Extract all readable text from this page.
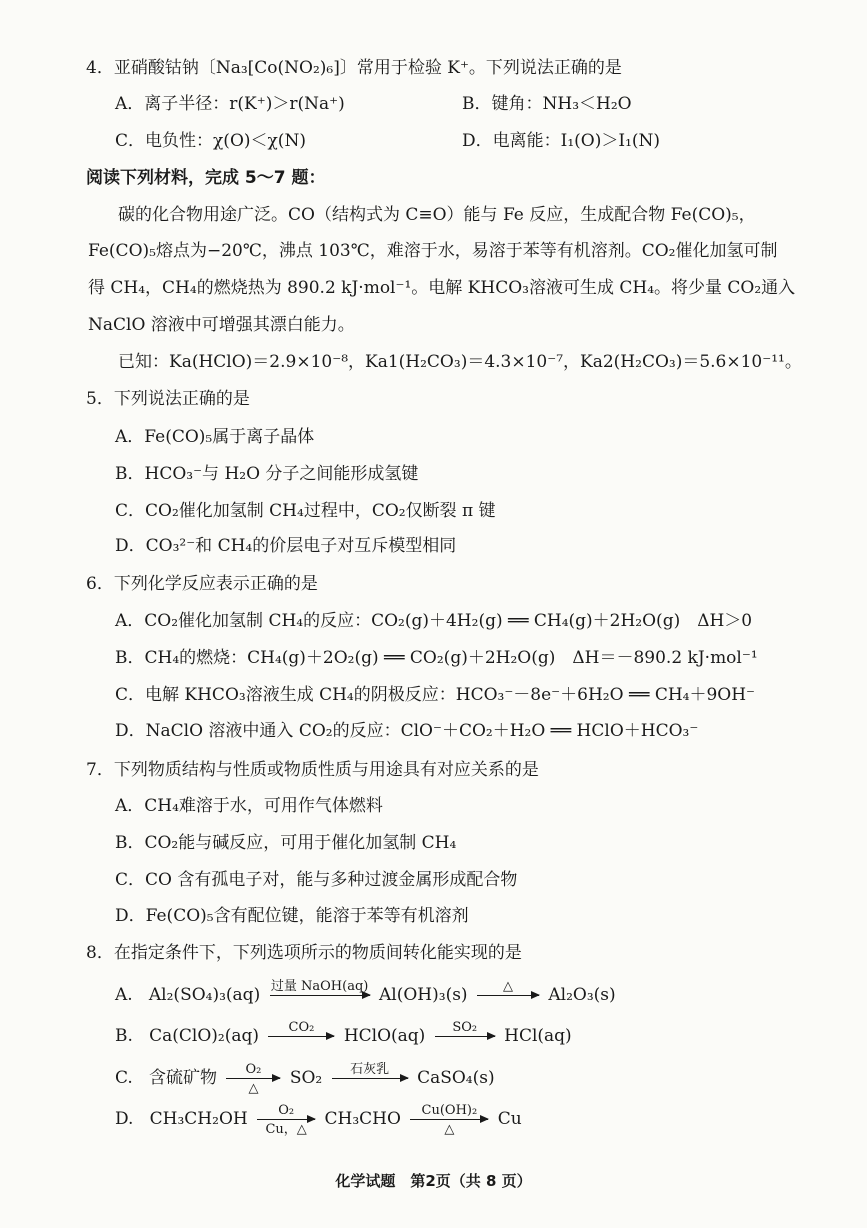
4．亚硝酸钴钠〔Na₃[Co(NO₂)₆]〕常用于检验 K⁺。下列说法正确的是
A．离子半径：r(K⁺)＞r(Na⁺)	B．键角：NH₃＜H₂O
C．电负性：χ(O)＜χ(N)	D．电离能：I₁(O)＞I₁(N)
阅读下列材料，完成 5～7 题：
碳的化合物用途广泛。CO（结构式为 C≡O）能与 Fe 反应，生成配合物 Fe(CO)₅，
Fe(CO)₅熔点为−20℃，沸点 103℃，难溶于水，易溶于苯等有机溶剂。CO₂催化加氢可制
得 CH₄，CH₄的燃烧热为 890.2 kJ·mol⁻¹。电解 KHCO₃溶液可生成 CH₄。将少量 CO₂通入
NaClO 溶液中可增强其漂白能力。
已知：Ka(HClO)＝2.9×10⁻⁸，Ka1(H₂CO₃)＝4.3×10⁻⁷，Ka2(H₂CO₃)＝5.6×10⁻¹¹。
5．下列说法正确的是
A．Fe(CO)₅属于离子晶体
B．HCO₃⁻与 H₂O 分子之间能形成氢键
C．CO₂催化加氢制 CH₄过程中，CO₂仅断裂 π 键
D．CO₃²⁻和 CH₄的价层电子对互斥模型相同
6．下列化学反应表示正确的是
A．CO₂催化加氢制 CH₄的反应：CO₂(g)＋4H₂(g) ══ CH₄(g)＋2H₂O(g)　ΔH＞0
B．CH₄的燃烧：CH₄(g)＋2O₂(g) ══ CO₂(g)＋2H₂O(g)　ΔH＝－890.2 kJ·mol⁻¹
C．电解 KHCO₃溶液生成 CH₄的阴极反应：HCO₃⁻－8e⁻＋6H₂O ══ CH₄＋9OH⁻
D．NaClO 溶液中通入 CO₂的反应：ClO⁻＋CO₂＋H₂O ══ HClO＋HCO₃⁻
7．下列物质结构与性质或物质性质与用途具有对应关系的是
A．CH₄难溶于水，可用作气体燃料
B．CO₂能与碱反应，可用于催化加氢制 CH₄
C．CO 含有孤电子对，能与多种过渡金属形成配合物
D．Fe(CO)₅含有配位键，能溶于苯等有机溶剂
8．在指定条件下，下列选项所示的物质间转化能实现的是
A. Al₂(SO₄)₃(aq) 过量 NaOH(aq) Al(OH)₃(s)	△	Al₂O₃(s)
B. Ca(ClO)₂(aq)	CO₂	HClO(aq)	SO₂	HCl(aq)
C. 含硫矿物	O₂
△
SO₂	石灰乳	CaSO₄(s)
D. CH₃CH₂OH	O₂
Cu，△
CH₃CHO	Cu(OH)₂
△
Cu
化学试题　第2页（共 8 页）
